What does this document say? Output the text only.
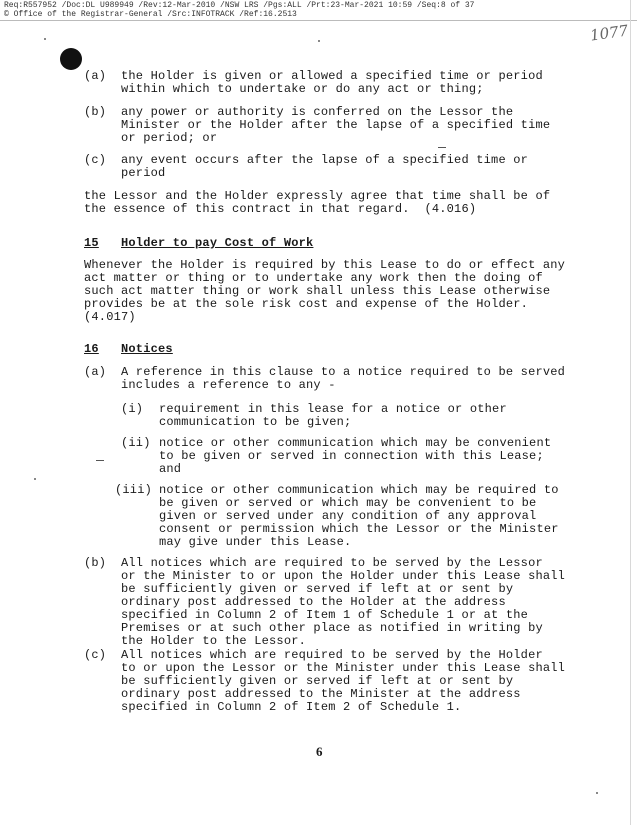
Req:R557952 /Doc:DL U989949 /Rev:12-Mar-2010 /NSW LRS /Pgs:ALL /Prt:23-Mar-2021 10:59 /Seq:8 of 37
© Office of the Registrar-General /Src:INFOTRACK /Ref:16.2513
1077
(a) the Holder is given or allowed a specified time or period
within which to undertake or do any act or thing;
(b) any power or authority is conferred on the Lessor the
Minister or the Holder after the lapse of a specified time
or period; or
(c) any event occurs after the lapse of a specified time or
period
the Lessor and the Holder expressly agree that time shall be of
the essence of this contract in that regard.  (4.016)
15 Holder to pay Cost of Work
Whenever the Holder is required by this Lease to do or effect any
act matter or thing or to undertake any work then the doing of
such act matter thing or work shall unless this Lease otherwise
provides be at the sole risk cost and expense of the Holder.
(4.017)
16 Notices
(a) A reference in this clause to a notice required to be served
includes a reference to any -
(i) requirement in this lease for a notice or other
communication to be given;
(ii) notice or other communication which may be convenient
to be given or served in connection with this Lease;
and
(iii) notice or other communication which may be required to
be given or served or which may be convenient to be
given or served under any condition of any approval
consent or permission which the Lessor or the Minister
may give under this Lease.
(b) All notices which are required to be served by the Lessor
or the Minister to or upon the Holder under this Lease shall
be sufficiently given or served if left at or sent by
ordinary post addressed to the Holder at the address
specified in Column 2 of Item 1 of Schedule 1 or at the
Premises or at such other place as notified in writing by
the Holder to the Lessor.
(c) All notices which are required to be served by the Holder
to or upon the Lessor or the Minister under this Lease shall
be sufficiently given or served if left at or sent by
ordinary post addressed to the Minister at the address
specified in Column 2 of Item 2 of Schedule 1.
6
